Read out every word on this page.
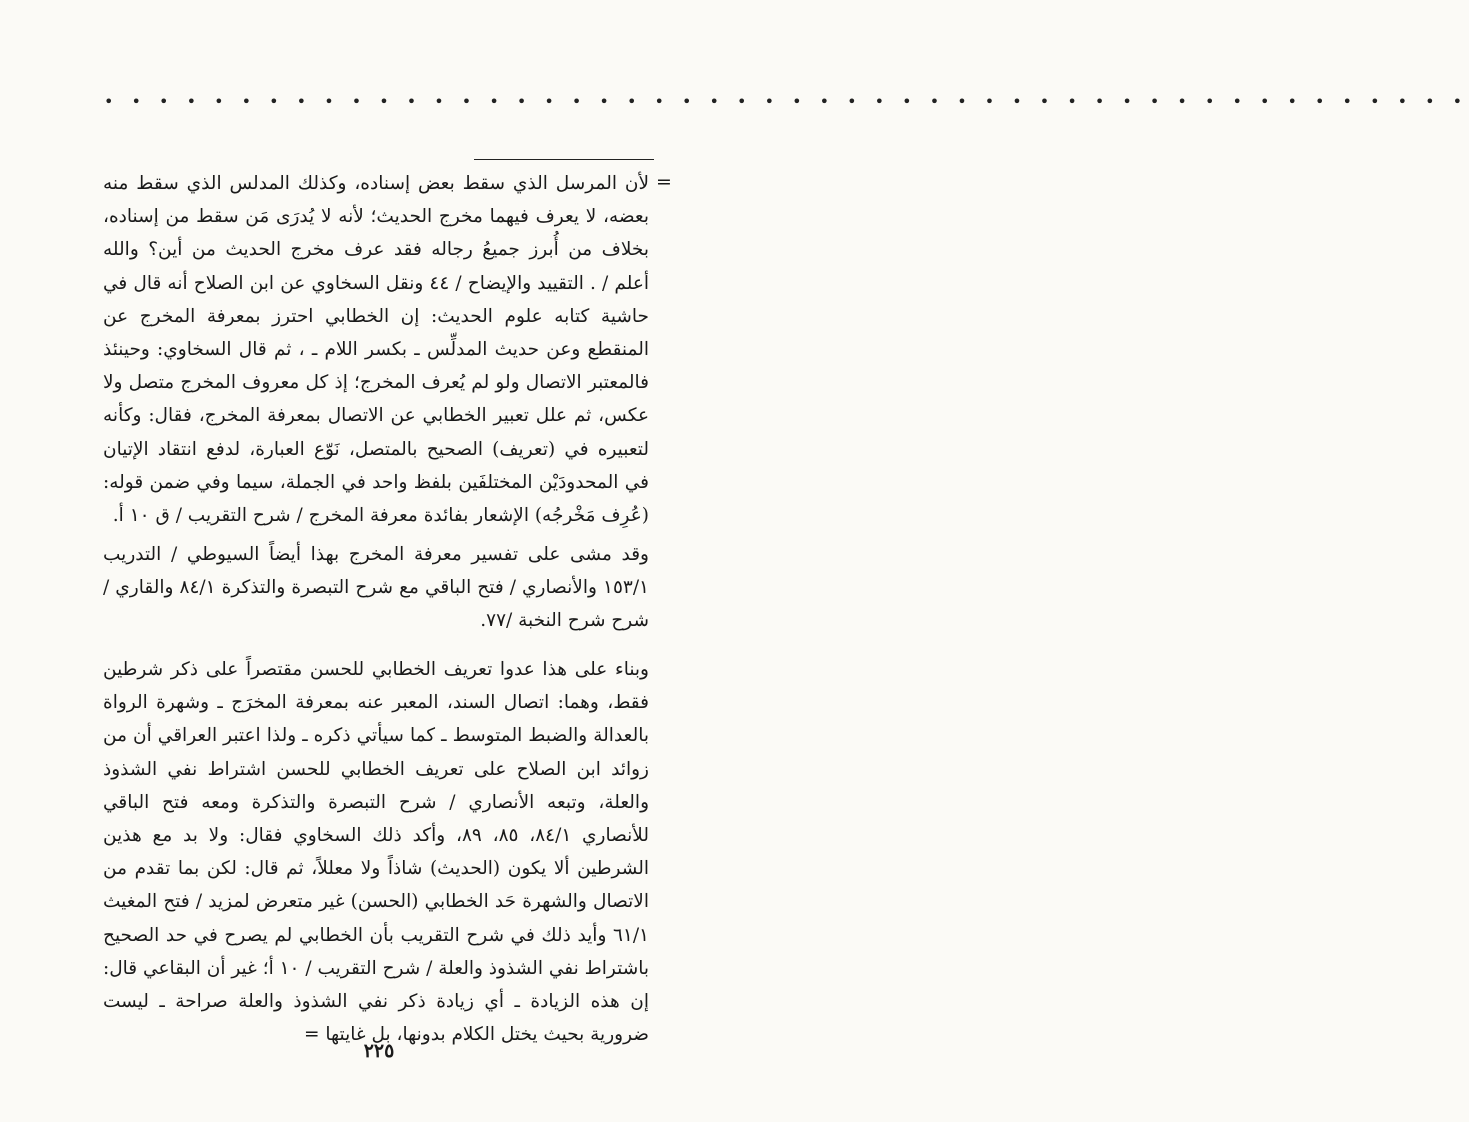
• • • • • • • • • • • • • • • • • • • • • • • • • • • • • • • • • • • • • • • • • • • • • • • • • •
=

لأن المرسل الذي سقط بعض إسناده، وكذلك المدلس الذي سقط منه بعضه، لا يعرف فيهما مخرج الحديث؛ لأنه لا يُدرَى مَن سقط من إسناده، بخلاف من أُبرز جميعُ رجاله فقد عرف مخرج الحديث من أين؟ والله أعلم / . التقييد والإيضاح / ٤٤ ونقل السخاوي عن ابن الصلاح أنه قال في حاشية كتابه علوم الحديث: إن الخطابي احترز بمعرفة المخرج عن المنقطع وعن حديث المدلِّس ـ بكسر اللام ـ ، ثم قال السخاوي: وحينئذ فالمعتبر الاتصال ولو لم يُعرف المخرج؛ إذ كل معروف المخرج متصل ولا عكس، ثم علل تعبير الخطابي عن الاتصال بمعرفة المخرج، فقال: وكأنه لتعبيره في (تعريف) الصحيح بالمتصل، نَوّع العبارة، لدفع انتقاد الإتيان في المحدودَيْن المختلفَين بلفظ واحد في الجملة، سيما وفي ضمن قوله: (عُرِف مَخْرجُه) الإشعار بفائدة معرفة المخرج / شرح التقريب / ق ١٠ أ.

وقد مشى على تفسير معرفة المخرج بهذا أيضاً السيوطي / التدريب ١٥٣/١ والأنصاري / فتح الباقي مع شرح التبصرة والتذكرة ٨٤/١ والقاري / شرح شرح النخبة /٧٧.

وبناء على هذا عدوا تعريف الخطابي للحسن مقتصراً على ذكر شرطين فقط، وهما: اتصال السند، المعبر عنه بمعرفة المخرَج ـ وشهرة الرواة بالعدالة والضبط المتوسط ـ كما سيأتي ذكره ـ ولذا اعتبر العراقي أن من زوائد ابن الصلاح على تعريف الخطابي للحسن اشتراط نفي الشذوذ والعلة، وتبعه الأنصاري / شرح التبصرة والتذكرة ومعه فتح الباقي للأنصاري ٨٤/١، ٨٥، ٨٩، وأكد ذلك السخاوي فقال: ولا بد مع هذين الشرطين ألا يكون (الحديث) شاذاً ولا معللاً، ثم قال: لكن بما تقدم من الاتصال والشهرة حَد الخطابي (الحسن) غير متعرض لمزيد / فتح المغيث ٦١/١ وأيد ذلك في شرح التقريب بأن الخطابي لم يصرح في حد الصحيح باشتراط نفي الشذوذ والعلة / شرح التقريب / ١٠ أ؛ غير أن البقاعي قال: إن هذه الزيادة ـ أي زيادة ذكر نفي الشذوذ والعلة صراحة ـ ليست ضرورية بحيث يختل الكلام بدونها، بل غايتها =

٢٢٥
